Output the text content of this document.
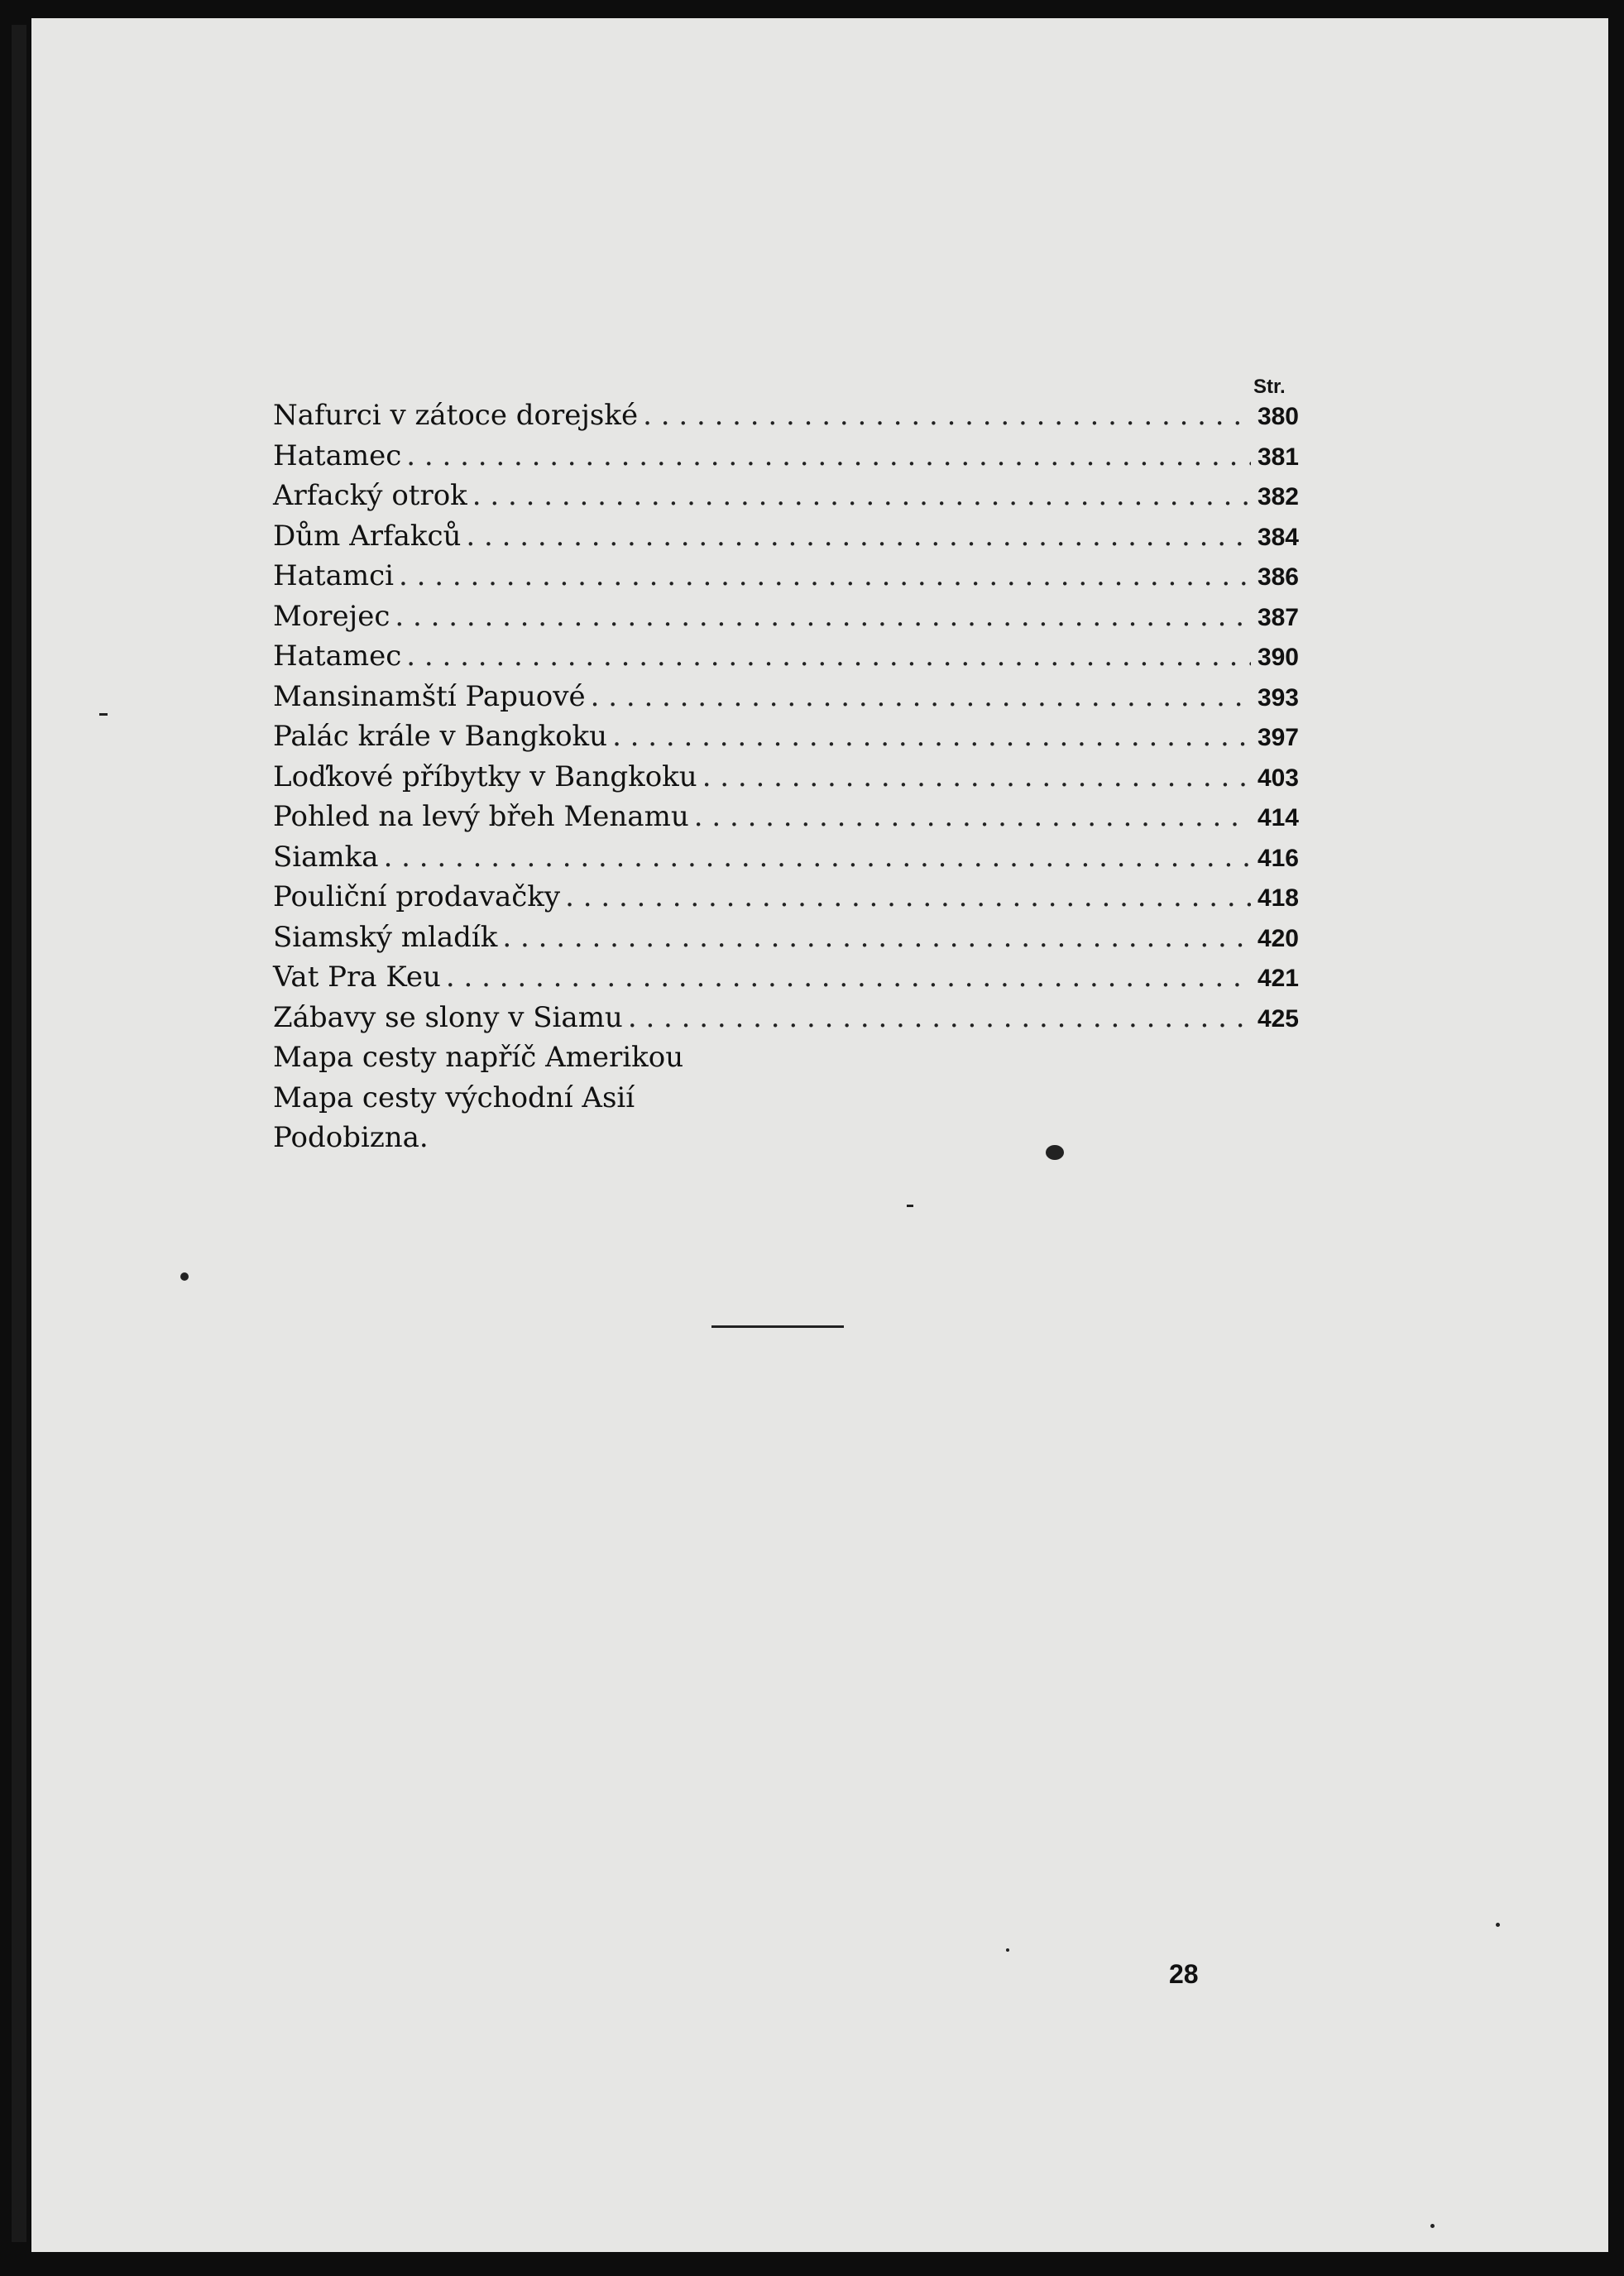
Str.
Nafurci v zátoce dorejské . . .	380
Hatamec . . .	381
Arfacký otrok . . .	382
Dům Arfakců . . .	384
Hatamci . . .	386
Morejec . . .	387
Hatamec . . .	390
Mansinamští Papuové . . .	393
Palác krále v Bangkoku . . .	397
Loďkové příbytky v Bangkoku . . .	403
Pohled na levý břeh Menamu . . .	414
Siamka . . .	416
Pouliční prodavačky . . .	418
Siamský mladík . . .	420
Vat Pra Keu . . .	421
Zábavy se slony v Siamu . . .	425
Mapa cesty napříč Amerikou
Mapa cesty východní Asií
Podobizna.
28
